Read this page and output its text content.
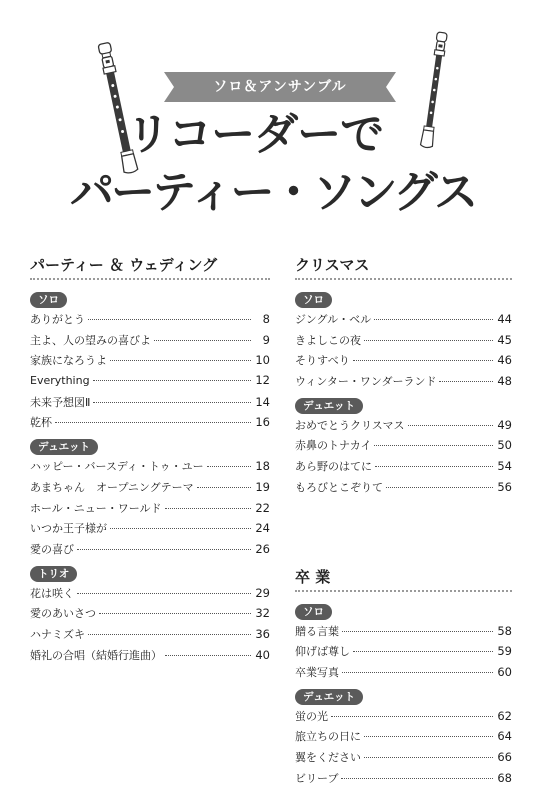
ソロ＆アンサンブル
リコーダーで
パーティー・ソングス
パーティー ＆ ウェディング
ソロ
ありがとう	8
主よ、人の望みの喜びよ	9
家族になろうよ	10
Everything	12
未来予想図Ⅱ	14
乾杯	16
デュエット
ハッピー・バースディ・トゥ・ユー	18
あまちゃん　オープニングテーマ	19
ホール・ニュー・ワールド	22
いつか王子様が	24
愛の喜び	26
トリオ
花は咲く	29
愛のあいさつ	32
ハナミズキ	36
婚礼の合唱（結婚行進曲）	40
クリスマス
ソロ
ジングル・ベル	44
きよしこの夜	45
そりすべり	46
ウィンター・ワンダーランド	48
デュエット
おめでとうクリスマス	49
赤鼻のトナカイ	50
あら野のはてに	54
もろびとこぞりて	56
卒 業
ソロ
贈る言葉	58
仰げば尊し	59
卒業写真	60
デュエット
蛍の光	62
旅立ちの日に	64
翼をください	66
ビリーブ	68
